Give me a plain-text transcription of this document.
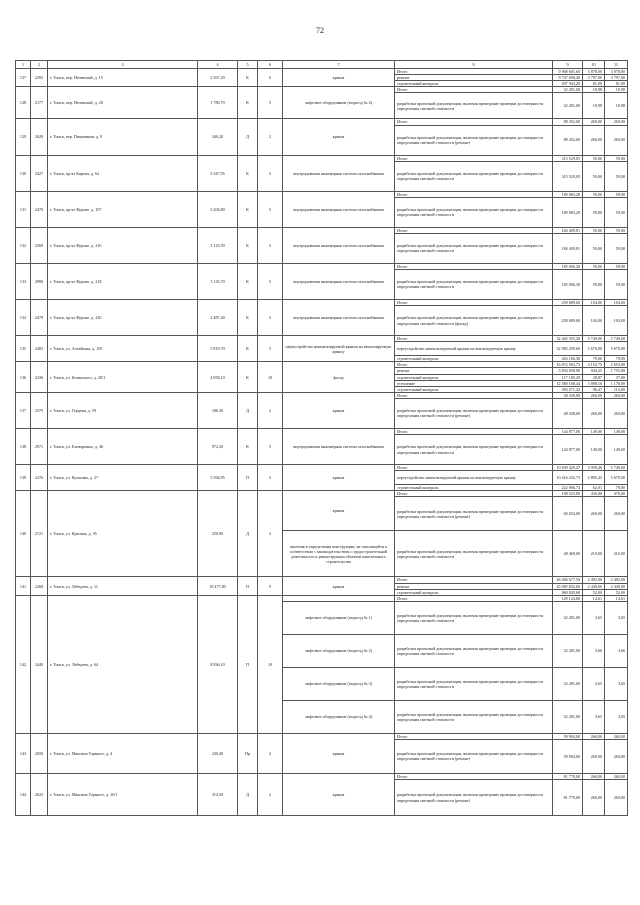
72
1	2	3	4	5	6	7	8	9	10	11
127	2292	г. Томск, пер. Нечевский, д. 15	2 567,20	К	6	крыша	Итого	9 968 601,60	3 878,00	3 878,00
							ремонт	9 747 658,40	3 797,00	3 797,00
							строительный контроль	207 943,20	81,00	81,00
128	2177	г. Томск, пер. Нечевский, д. 20	1 780,70	К	5	лифтовое оборудование (подъезд № 2)	Итого	32 281,00	18,98	18,98
							разработка проектной документации, включая проведение проверки достоверности определения сметной стоимости	32 281,00	18,98	18,98
129	2628	г. Томск, пер. Пищевиков, д. 9	340,20	Д	2	крыша	Итого	88 452,00	260,00	260,00
							разработка проектной документации, включая проведение проверки достоверности определения сметной стоимости (ремонт)	88 452,00	260,00	260,00
130	2427	г. Томск, пр-кт Кирова, д. 62	5 347,95	К	5	внутридомовая инженерная система газоснабжения	Итого	315 529,05	59,00	59,00
							разработка проектной документации, включая проведение проверки достоверности определения сметной стоимости	315 529,05	59,00	59,00
131	2470	г. Томск, пр-кт Фрунзе, д. 107	3 204,80	К	5	внутридомовая инженерная система газоснабжения	Итого	189 083,20	59,00	59,00
							разработка проектной документации, включая проведение проверки достоверности определения сметной стоимости	189 083,20	59,00	59,00
132	2569	г. Томск, пр-кт Фрунзе, д. 216	3 125,59	К	5	внутридомовая инженерная система газоснабжения	Итого	184 409,81	59,00	59,00
							разработка проектной документации, включая проведение проверки достоверности определения сметной стоимости	184 409,81	59,00	59,00
133	2980	г. Томск, пр-кт Фрунзе, д. 218	3 135,70	К	5	внутридомовая инженерная система газоснабжения	Итого	185 006,30	59,00	59,00
							разработка проектной документации, включая проведение проверки достоверности определения сметной стоимости	185 006,30	59,00	59,00
134	2479	г. Томск, пр-кт Фрунзе, д. 220	2 487,40	К	5	внутридомовая инженерная система газоснабжения	Итого	258 689,60	104,00	104,00
							разработка проектной документации, включая проведение проверки достоверности определения сметной стоимости (фасад)	258 689,60	104,00	104,00
135	2403	г. Томск, ул. Алтайская, д. 105	5 819,70	К	5	переустройство невентилируемой крыши на вентилируемую крышу	Итого	32 445 555,30	5 749,00	5 749,00
							переустройство невентилируемой крыши на вентилируемую крышу	32 985 299,60	5 670,00	5 670,00
							строительный контроль	263 166,30	79,00	79,00
136	2236	г. Томск, ул. Белинского, д. 20/1	4 058,10	К	10	фасад	Итого	16 872 563,73	4 152,75	2 653,00
							ремонт	3 834 658,90	944,25	1 755,00
							строительный контроль	117 185,29	28,87	37,00
							утепление	12 580 168,44	3 098,16	1 176,00
							строительный контроль	393 271,42	96,47	113,00
137	2575	г. Томск, ул. Герцена, д. 59	186,30	Д	2	крыша	Итого	48 438,00	260,00	260,00
							разработка проектной документации, включая проведение проверки достоверности определения сметной стоимости (ремонт)	48 438,00	260,00	260,00
138	2971	г. Томск, ул. Елизаровых, д. 46	972,30	К	5	внутридомовая инженерная система газоснабжения	Итого	144 877,00	149,00	149,00
							разработка проектной документации, включая проведение проверки достоверности определения сметной стоимости	144 877,00	149,00	149,00
139	2276	г. Томск, ул. Кулагина, д. 27	3 594,95	П	5	крыша	Итого	10 639 429,47	3 959,46	5 749,00
							переустройство невентилируемой крыши на вентилируемую крышу	10 416 232,73	2 895,45	5 670,00
							строительный контроль	222 906,74	62,01	79,00
140	2721	г. Томск, ул. Красина, д. 35	250,90	Д	2	крыша	Итого	108 523,00	430,00	470,00
							разработка проектной документации, включая проведение проверки достоверности определения сметной стоимости (ремонт)	60 054,00	260,00	260,00
						заказчик в определении конструкции, не относящейся к соответствии с законодательством о градостроительной деятельности к реконструкции объектов капитального строительства	разработка проектной документации, включая проведение проверки достоверности определения сметной стоимости	48 469,00	210,00	210,00
141	2268	г. Томск, ул. Лебедева, д. 11	18 477,80	П	9	крыша	Итого	46 046 677,50	2 492,00	2 492,00
							ремонт	45 085 832,00	2 440,00	2 440,00
							строительный контроль	960 845,60	52,00	52,00
142	2440	г. Томск, ул. Лебедева, д. 64	8 836,10	П	10		Итого	129 124,00	14,61	14,61
						лифтовое оборудование (подъезд № 1)	разработка проектной документации, включая проведение проверки достоверности определения сметной стоимости	32 281,00	3,65	3,65
						лифтовое оборудование (подъезд № 2)	разработка проектной документации, включая проведение проверки достоверности определения сметной стоимости	32 281,00	3,66	3,66
						лифтовое оборудование (подъезд № 3)	разработка проектной документации, включая проведение проверки достоверности определения сметной стоимости	32 281,00	3,65	3,65
						лифтовое оборудование (подъезд № 4)	разработка проектной документации, включая проведение проверки достоверности определения сметной стоимости	32 281,00	3,65	3,65
143	2650	г. Томск, ул. Максима Горького, д. 4	230,40	Пр	2	крыша	Итого	59 904,00	260,00	260,00
							разработка проектной документации, включая проведение проверки достоверности определения сметной стоимости (ремонт)	59 904,00	260,00	260,00
144	2623	г. Томск, ул. Максима Горького, д. 16/1	314,50	Д	2	крыша	Итого	81 770,00	260,00	260,00
							разработка проектной документации, включая проведение проверки достоверности определения сметной стоимости (ремонт)	81 770,00	260,00	260,00
